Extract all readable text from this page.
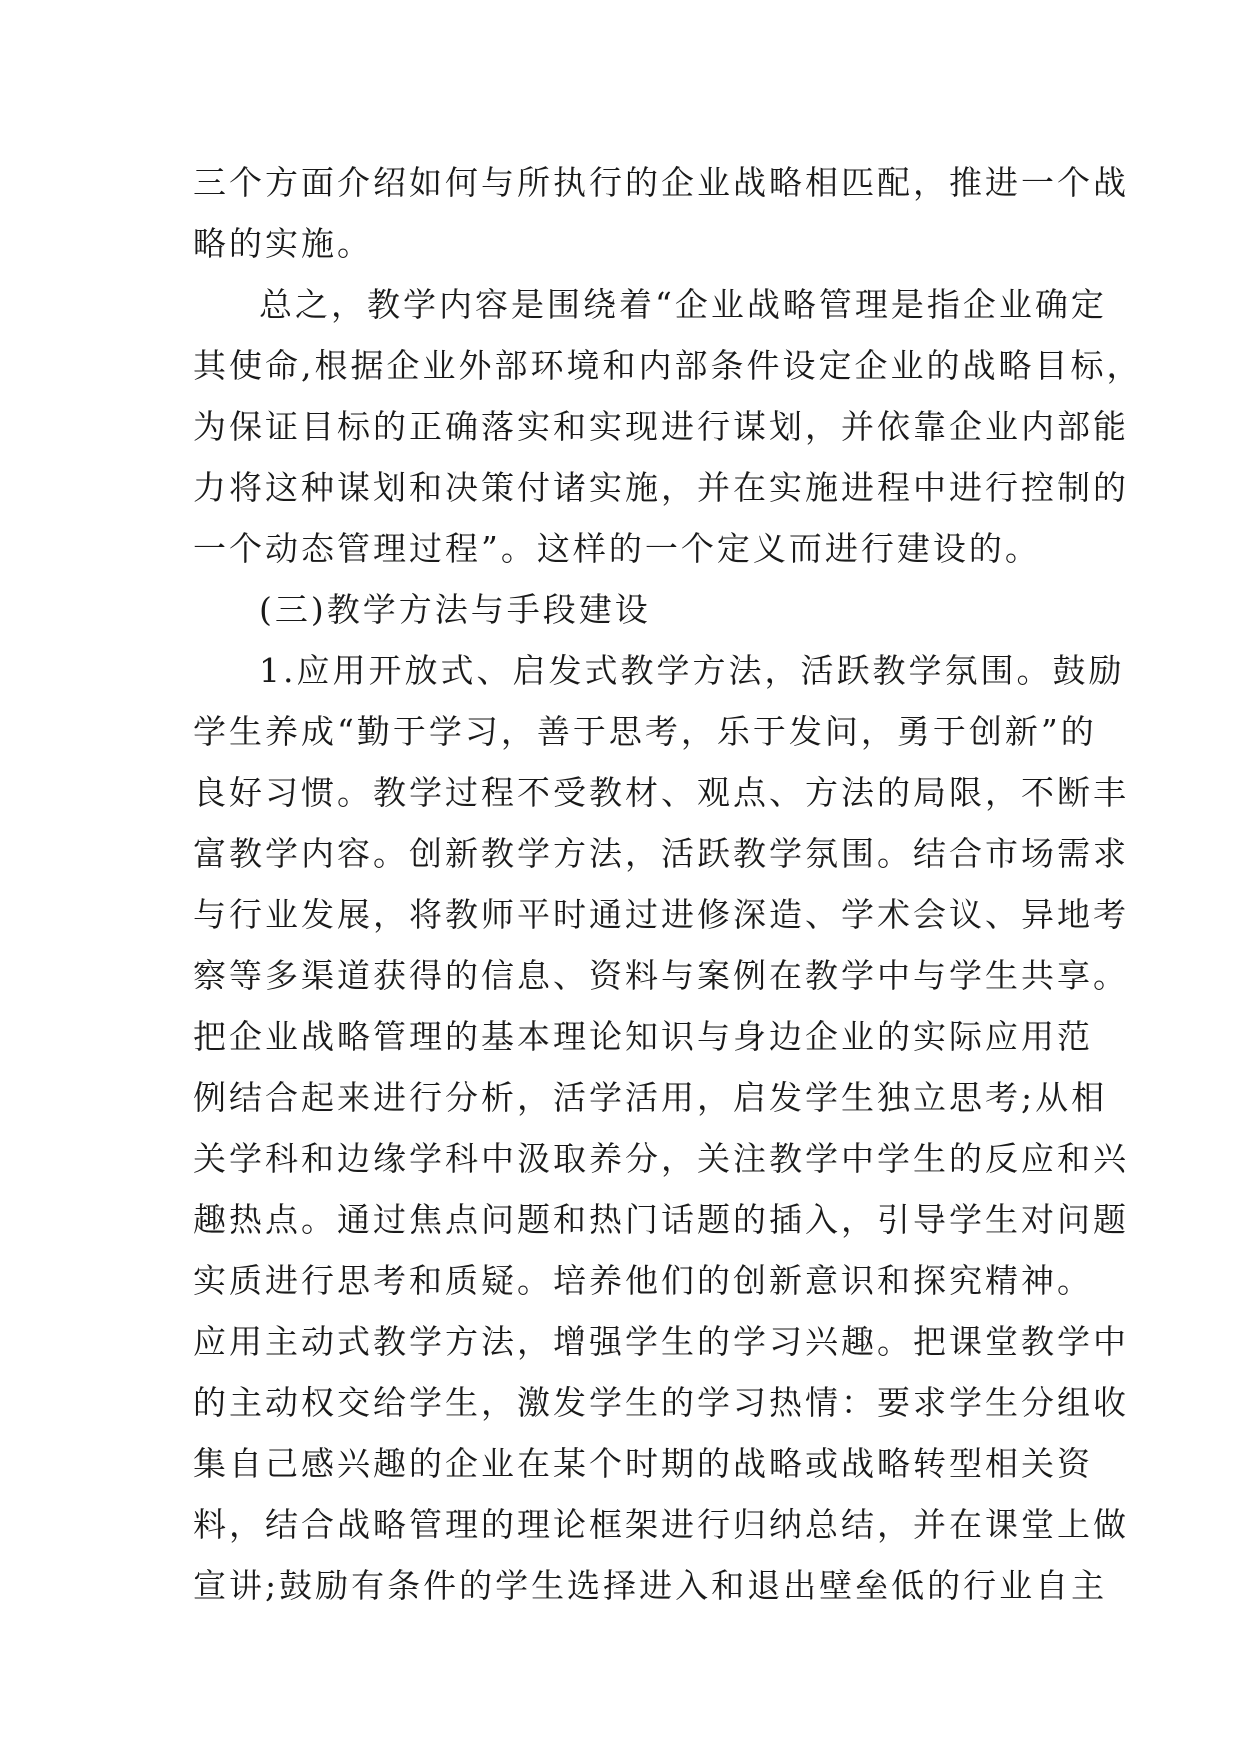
三个方面介绍如何与所执行的企业战略相匹配，推进一个战
略的实施。
总之，教学内容是围绕着“企业战略管理是指企业确定
其使命,根据企业外部环境和内部条件设定企业的战略目标，
为保证目标的正确落实和实现进行谋划，并依靠企业内部能
力将这种谋划和决策付诸实施，并在实施进程中进行控制的
一个动态管理过程”。这样的一个定义而进行建设的。
(三)教学方法与手段建设
1.应用开放式、启发式教学方法，活跃教学氛围。鼓励
学生养成“勤于学习，善于思考，乐于发问，勇于创新”的
良好习惯。教学过程不受教材、观点、方法的局限，不断丰
富教学内容。创新教学方法，活跃教学氛围。结合市场需求
与行业发展，将教师平时通过进修深造、学术会议、异地考
察等多渠道获得的信息、资料与案例在教学中与学生共享。
把企业战略管理的基本理论知识与身边企业的实际应用范
例结合起来进行分析，活学活用，启发学生独立思考;从相
关学科和边缘学科中汲取养分，关注教学中学生的反应和兴
趣热点。通过焦点问题和热门话题的插入，引导学生对问题
实质进行思考和质疑。培养他们的创新意识和探究精神。
应用主动式教学方法，增强学生的学习兴趣。把课堂教学中
的主动权交给学生，激发学生的学习热情：要求学生分组收
集自己感兴趣的企业在某个时期的战略或战略转型相关资
料，结合战略管理的理论框架进行归纳总结，并在课堂上做
宣讲;鼓励有条件的学生选择进入和退出壁垒低的行业自主
